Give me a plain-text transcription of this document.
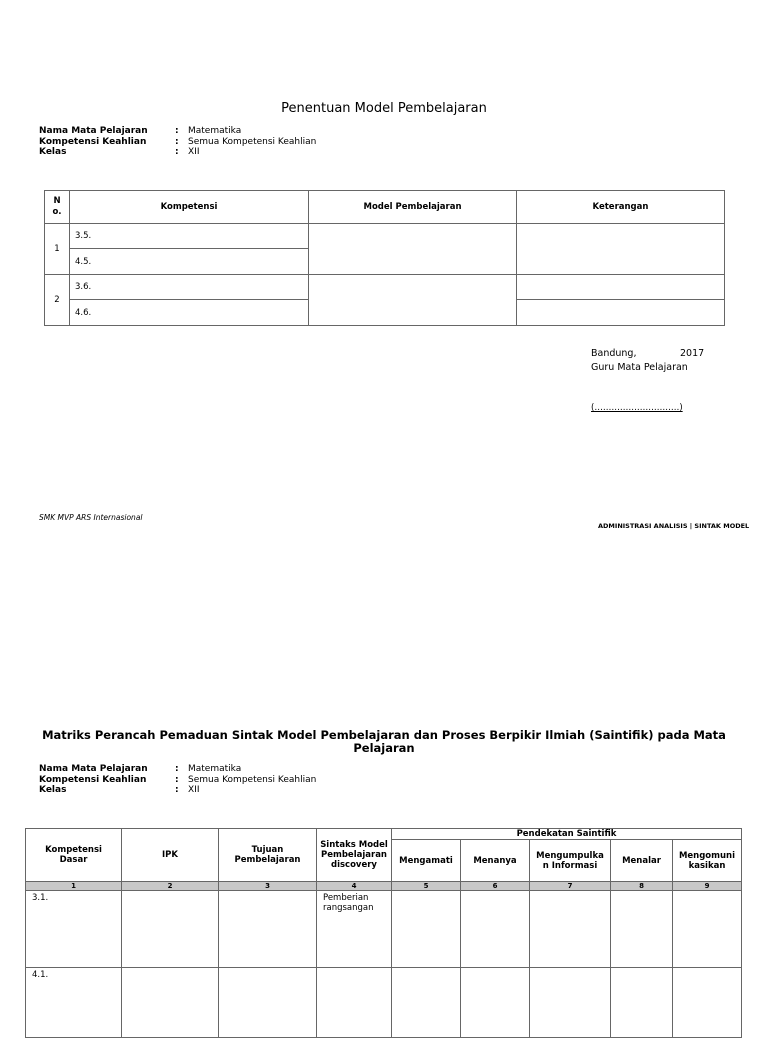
Penentuan Model Pembelajaran
Nama Mata Pelajaran	: Matematika
Kompetensi Keahlian	: Semua Kompetensi Keahlian
Kelas	: XII
No.	Kompetensi	Model Pembelajaran	Keterangan
1	3.5.		
	4.5.		
2	3.6.		
	4.6.		
Bandung,	2017
Guru Mata Pelajaran
(…………………………)
SMK MVP ARS Internasional
ADMINISTRASI ANALISIS | SINTAK MODEL
Matriks Perancah Pemaduan Sintak Model Pembelajaran dan Proses Berpikir Ilmiah (Saintifik) pada Mata Pelajaran
Nama Mata Pelajaran	: Matematika
Kompetensi Keahlian	: Semua Kompetensi Keahlian
Kelas	: XII
Kompetensi Dasar	IPK	Tujuan Pembelajaran	Sintaks Model Pembelajaran discovery	Pendekatan Saintifik				
				Mengamati	Menanya	Mengumpulkan Informasi	Menalar	Mengomunikasikan
1	2	3	4	5	6	7	8	9
3.1.			Pemberian rangsangan					
4.1.								
